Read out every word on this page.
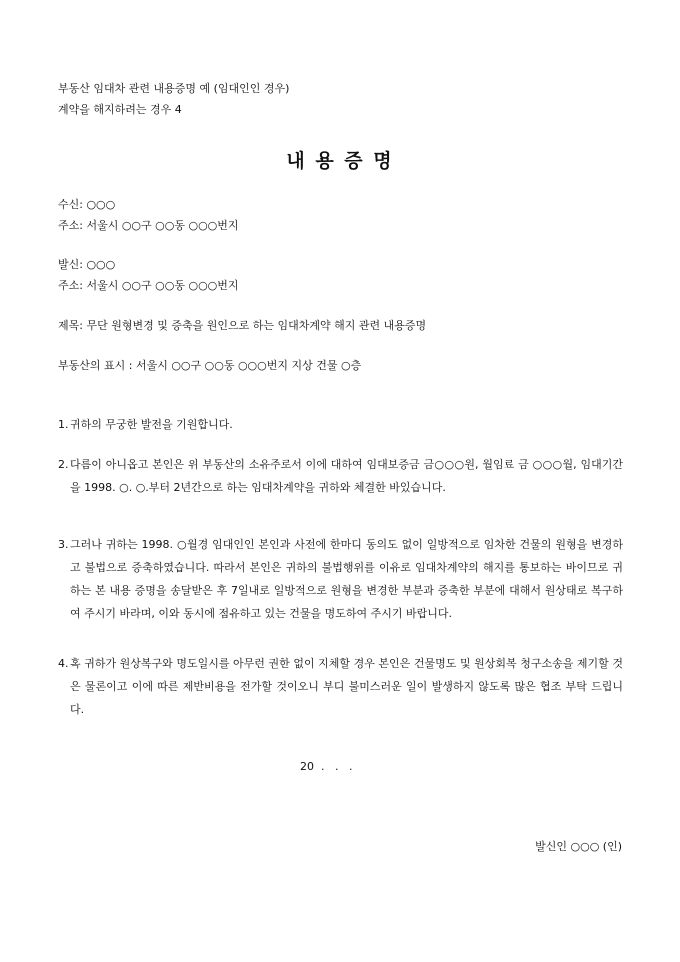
부동산 임대차 관련 내용증명 예 (임대인인 경우)
계약을 해지하려는 경우 4
내 용 증 명
수신: ○○○
주소: 서울시 ○○구 ○○동 ○○○번지
발신: ○○○
주소: 서울시 ○○구 ○○동 ○○○번지
제목: 무단 원형변경 및 증축을 원인으로 하는 임대차계약 해지 관련 내용증명
부동산의 표시 : 서울시 ○○구 ○○동 ○○○번지 지상 건물 ○층
1. 귀하의 무궁한 발전을 기원합니다.
2. 다름이 아니옵고 본인은 위 부동산의 소유주로서 이에 대하여 임대보증금 금○○○원, 월임료 금 ○○○월, 임대기간을 1998. ○. ○.부터 2년간으로 하는 임대차계약을 귀하와 체결한 바있습니다.
3. 그러나 귀하는 1998. ○월경 임대인인 본인과 사전에 한마디 동의도 없이 일방적으로 임차한 건물의 원형을 변경하고 불법으로 증축하였습니다. 따라서 본인은 귀하의 불법행위를 이유로 임대차계약의 해지를 통보하는 바이므로 귀하는 본 내용 증명을 송달받은 후 7일내로 일방적으로 원형을 변경한 부분과 증축한 부분에 대해서 원상태로 복구하여 주시기 바라며, 이와 동시에 점유하고 있는 건물을 명도하여 주시기 바랍니다.
4. 혹 귀하가 원상복구와 명도일시를 아무런 권한 없이 지체할 경우 본인은 건물명도 및 원상회복 청구소송을 제기할 것은 물론이고 이에 따른 제반비용을 전가할 것이오니 부디 불미스러운 일이 발생하지 않도록 많은 협조 부탁 드립니다.
20  .   .   .
발신인 ○○○ (인)
